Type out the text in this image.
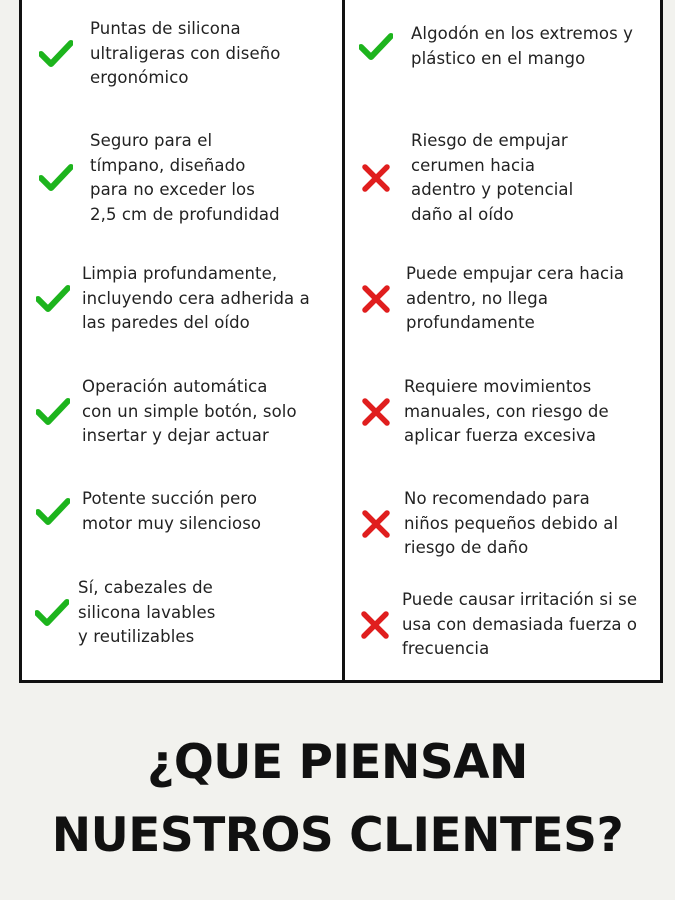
Puntas de silicona
ultraligeras con diseño
ergonómico
Seguro para el
tímpano, diseñado
para no exceder los
2,5 cm de profundidad
Limpia profundamente,
incluyendo cera adherida a
las paredes del oído
Operación automática
con un simple botón, solo
insertar y dejar actuar
Potente succión pero
motor muy silencioso
Sí, cabezales de
silicona lavables
y reutilizables
Algodón en los extremos y
plástico en el mango
Riesgo de empujar
cerumen hacia
adentro y potencial
daño al oído
Puede empujar cera hacia
adentro, no llega
profundamente
Requiere movimientos
manuales, con riesgo de
aplicar fuerza excesiva
No recomendado para
niños pequeños debido al
riesgo de daño
Puede causar irritación si se
usa con demasiada fuerza o
frecuencia
¿QUE PIENSAN
NUESTROS CLIENTES?
